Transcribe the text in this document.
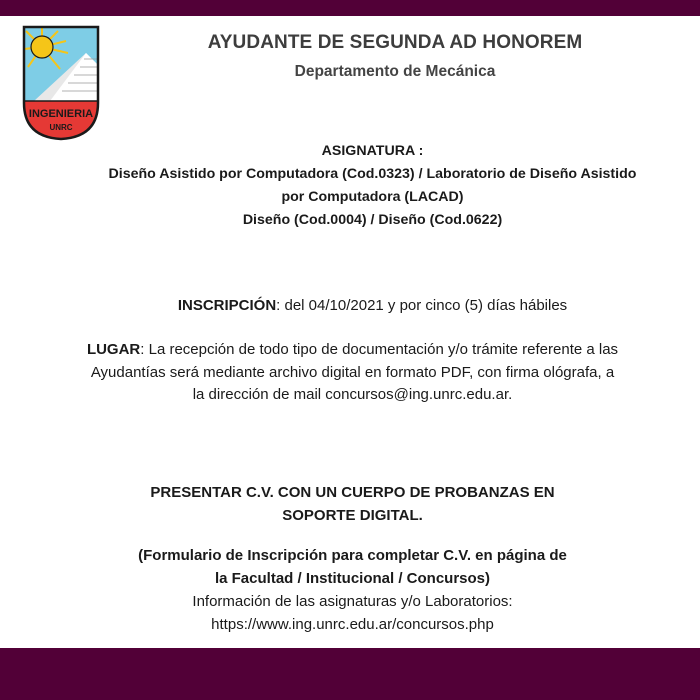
INGENIERIA
UNRC
AYUDANTE DE SEGUNDA AD HONOREM
Departamento de Mecánica
ASIGNATURA :
Diseño Asistido por Computadora (Cod.0323) / Laboratorio de Diseño Asistido
por Computadora (LACAD)
Diseño (Cod.0004) / Diseño (Cod.0622)
INSCRIPCIÓN: del 04/10/2021 y por cinco (5) días hábiles
LUGAR: La recepción de todo tipo de documentación y/o trámite referente a las Ayudantías será mediante archivo digital en formato PDF, con firma ológrafa, a la dirección de mail concursos@ing.unrc.edu.ar.
PRESENTAR C.V. CON UN CUERPO DE PROBANZAS EN
SOPORTE DIGITAL.
(Formulario de Inscripción para completar C.V. en página de
la Facultad / Institucional / Concursos)
Información de las asignaturas y/o Laboratorios:
https://www.ing.unrc.edu.ar/concursos.php
